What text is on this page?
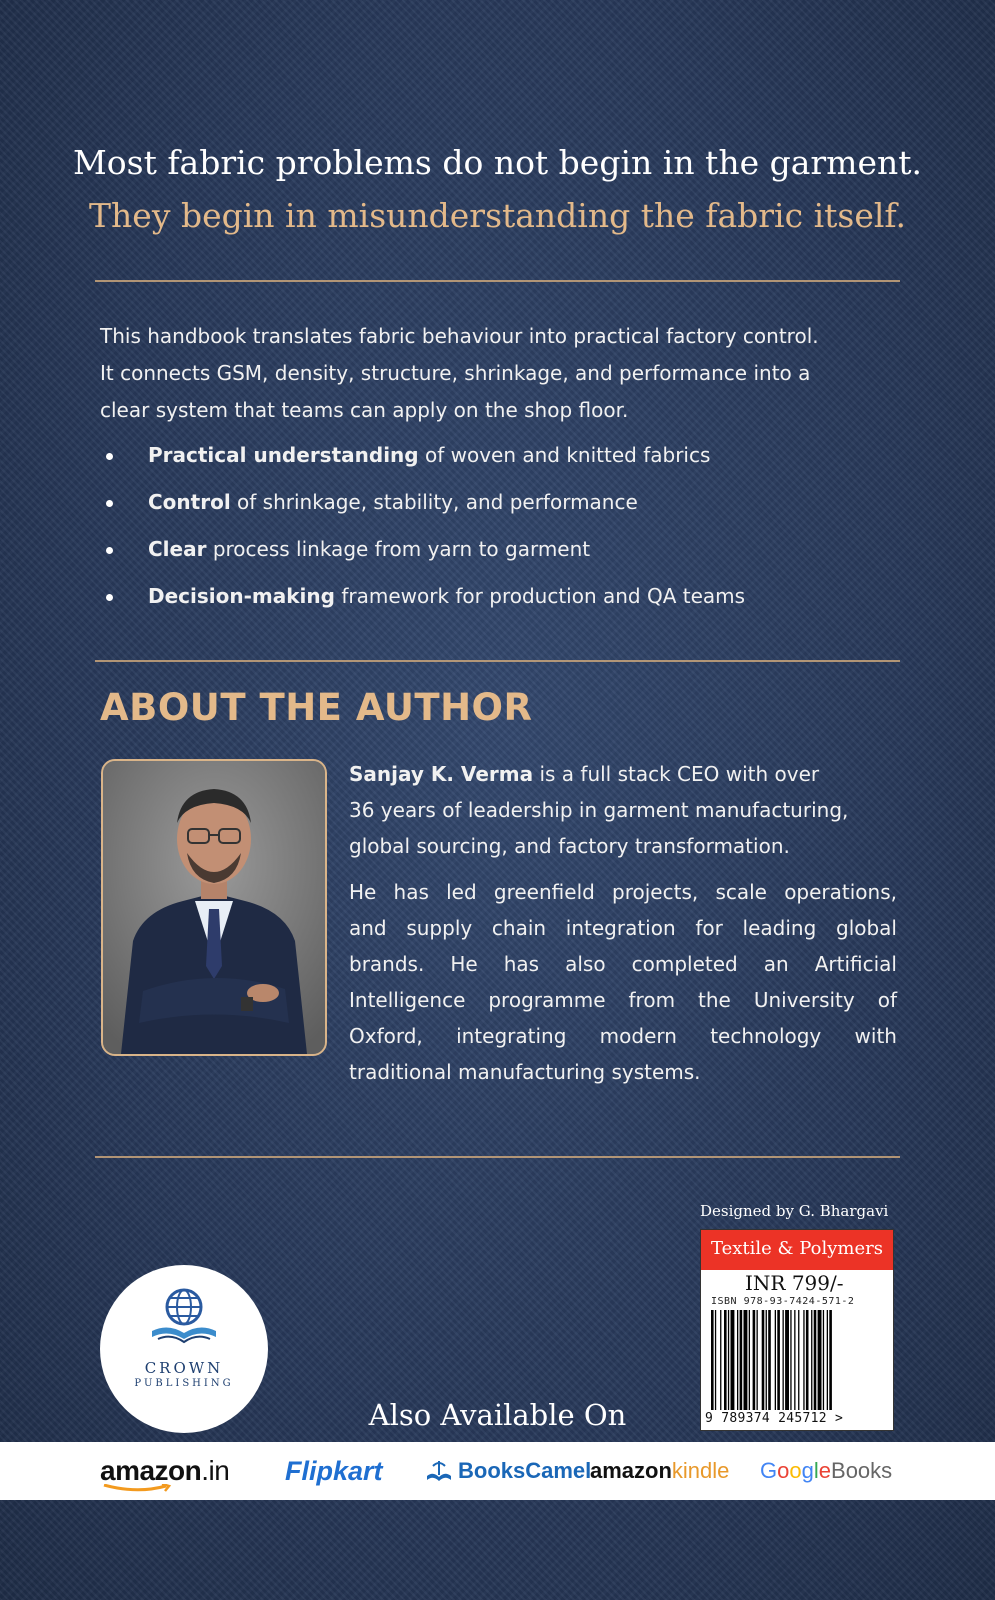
Most fabric problems do not begin in the garment.
They begin in misunderstanding the fabric itself.
This handbook translates fabric behaviour into practical factory control.
It connects GSM, density, structure, shrinkage, and performance into a
clear system that teams can apply on the shop floor.
Practical understanding of woven and knitted fabrics
Control of shrinkage, stability, and performance
Clear process linkage from yarn to garment
Decision-making framework for production and QA teams
ABOUT THE AUTHOR

Sanjay K. Verma is a full stack CEO with over
36 years of leadership in garment manufacturing,
global sourcing, and factory transformation.

He has led greenfield projects, scale operations,
and supply chain integration for leading global
brands. He has also completed an Artificial
Intelligence programme from the University of
Oxford, integrating modern technology with
traditional manufacturing systems.

Designed by G. Bhargavi
Textile & Polymers
INR 799/-
ISBN 978-93-7424-571-2
9 789374 245712 >
CROWN
PUBLISHING
Also Available On
amazon .in Flipkart	BooksCamel
amazon kindle Google Books
